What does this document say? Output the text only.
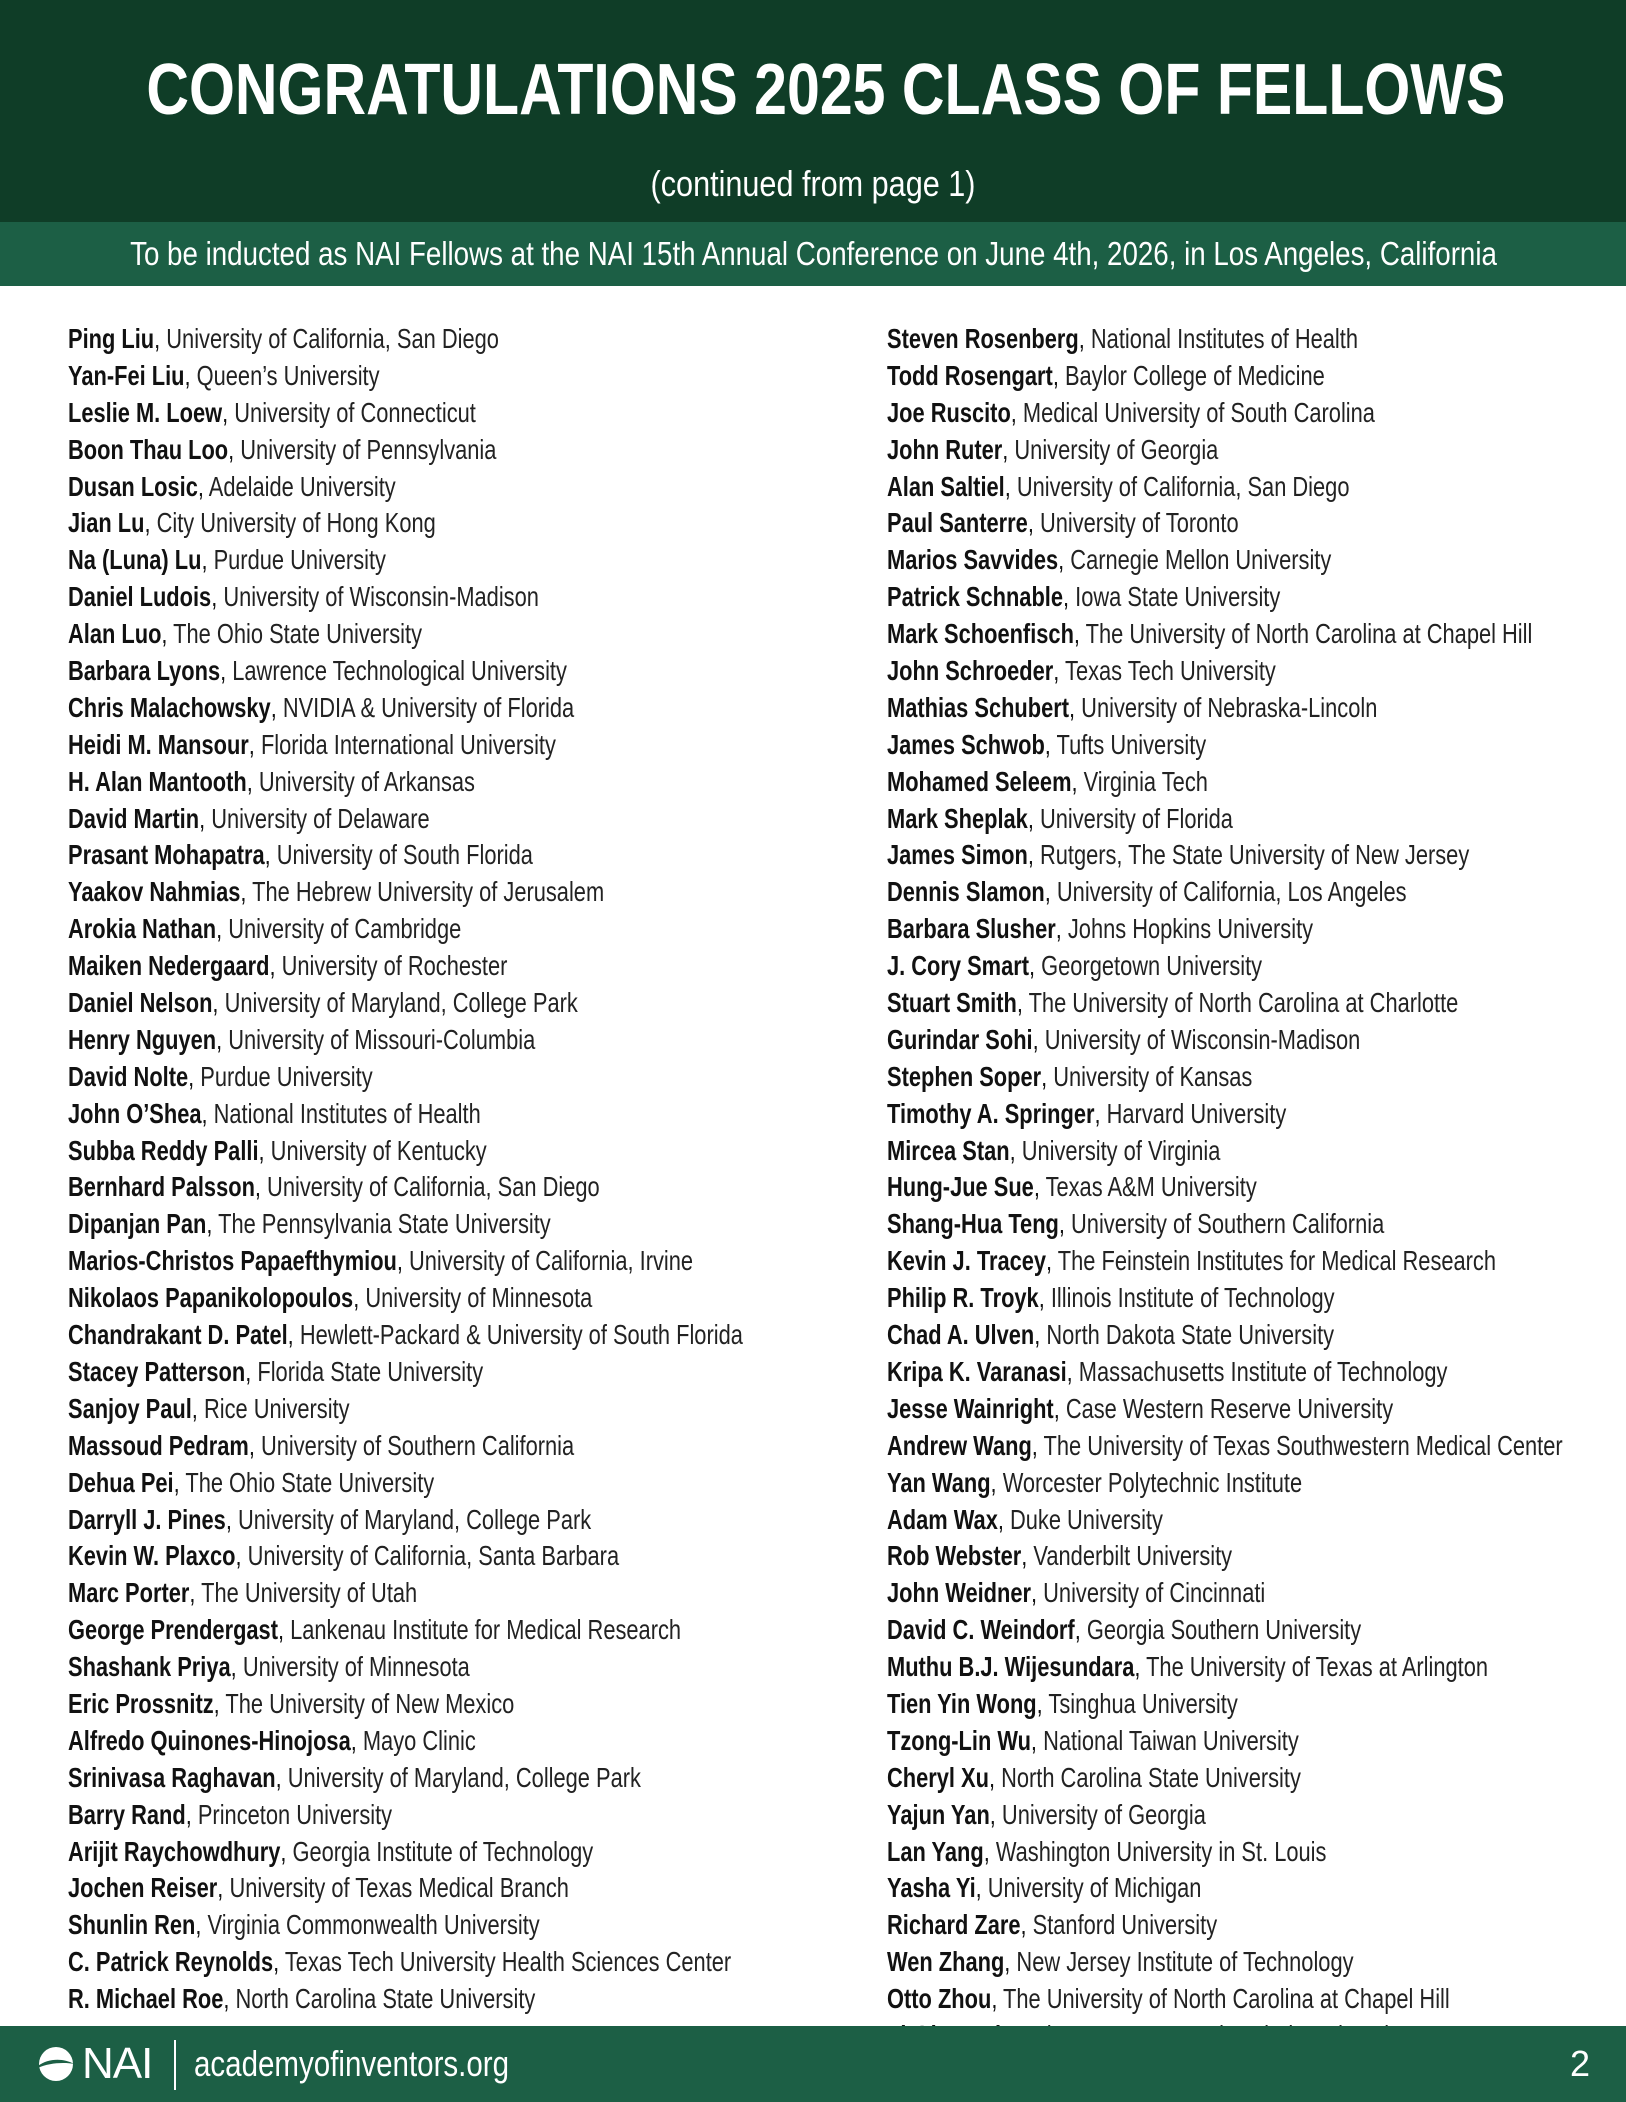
CONGRATULATIONS 2025 CLASS OF FELLOWS
(continued from page 1)
To be inducted as NAI Fellows at the NAI 15th Annual Conference on June 4th, 2026, in Los Angeles, California
Ping Liu, University of California, San Diego
Yan-Fei Liu, Queen’s University
Leslie M. Loew, University of Connecticut
Boon Thau Loo, University of Pennsylvania
Dusan Losic, Adelaide University
Jian Lu, City University of Hong Kong
Na (Luna) Lu, Purdue University
Daniel Ludois, University of Wisconsin-Madison
Alan Luo, The Ohio State University
Barbara Lyons, Lawrence Technological University
Chris Malachowsky, NVIDIA & University of Florida
Heidi M. Mansour, Florida International University
H. Alan Mantooth, University of Arkansas
David Martin, University of Delaware
Prasant Mohapatra, University of South Florida
Yaakov Nahmias, The Hebrew University of Jerusalem
Arokia Nathan, University of Cambridge
Maiken Nedergaard, University of Rochester
Daniel Nelson, University of Maryland, College Park
Henry Nguyen, University of Missouri-Columbia
David Nolte, Purdue University
John O’Shea, National Institutes of Health
Subba Reddy Palli, University of Kentucky
Bernhard Palsson, University of California, San Diego
Dipanjan Pan, The Pennsylvania State University
Marios-Christos Papaefthymiou, University of California, Irvine
Nikolaos Papanikolopoulos, University of Minnesota
Chandrakant D. Patel, Hewlett-Packard & University of South Florida
Stacey Patterson, Florida State University
Sanjoy Paul, Rice University
Massoud Pedram, University of Southern California
Dehua Pei, The Ohio State University
Darryll J. Pines, University of Maryland, College Park
Kevin W. Plaxco, University of California, Santa Barbara
Marc Porter, The University of Utah
George Prendergast, Lankenau Institute for Medical Research
Shashank Priya, University of Minnesota
Eric Prossnitz, The University of New Mexico
Alfredo Quinones-Hinojosa, Mayo Clinic
Srinivasa Raghavan, University of Maryland, College Park
Barry Rand, Princeton University
Arijit Raychowdhury, Georgia Institute of Technology
Jochen Reiser, University of Texas Medical Branch
Shunlin Ren, Virginia Commonwealth University
C. Patrick Reynolds, Texas Tech University Health Sciences Center
R. Michael Roe, North Carolina State University
Steven Rosenberg, National Institutes of Health
Todd Rosengart, Baylor College of Medicine
Joe Ruscito, Medical University of South Carolina
John Ruter, University of Georgia
Alan Saltiel, University of California, San Diego
Paul Santerre, University of Toronto
Marios Savvides, Carnegie Mellon University
Patrick Schnable, Iowa State University
Mark Schoenfisch, The University of North Carolina at Chapel Hill
John Schroeder, Texas Tech University
Mathias Schubert, University of Nebraska-Lincoln
James Schwob, Tufts University
Mohamed Seleem, Virginia Tech
Mark Sheplak, University of Florida
James Simon, Rutgers, The State University of New Jersey
Dennis Slamon, University of California, Los Angeles
Barbara Slusher, Johns Hopkins University
J. Cory Smart, Georgetown University
Stuart Smith, The University of North Carolina at Charlotte
Gurindar Sohi, University of Wisconsin-Madison
Stephen Soper, University of Kansas
Timothy A. Springer, Harvard University
Mircea Stan, University of Virginia
Hung-Jue Sue, Texas A&M University
Shang-Hua Teng, University of Southern California
Kevin J. Tracey, The Feinstein Institutes for Medical Research
Philip R. Troyk, Illinois Institute of Technology
Chad A. Ulven, North Dakota State University
Kripa K. Varanasi, Massachusetts Institute of Technology
Jesse Wainright, Case Western Reserve University
Andrew Wang, The University of Texas Southwestern Medical Center
Yan Wang, Worcester Polytechnic Institute
Adam Wax, Duke University
Rob Webster, Vanderbilt University
John Weidner, University of Cincinnati
David C. Weindorf, Georgia Southern University
Muthu B.J. Wijesundara, The University of Texas at Arlington
Tien Yin Wong, Tsinghua University
Tzong-Lin Wu, National Taiwan University
Cheryl Xu, North Carolina State University
Yajun Yan, University of Georgia
Lan Yang, Washington University in St. Louis
Yasha Yi, University of Michigan
Richard Zare, Stanford University
Wen Zhang, New Jersey Institute of Technology
Otto Zhou, The University of North Carolina at Chapel Hill
NAI academyofinventors.org	2
